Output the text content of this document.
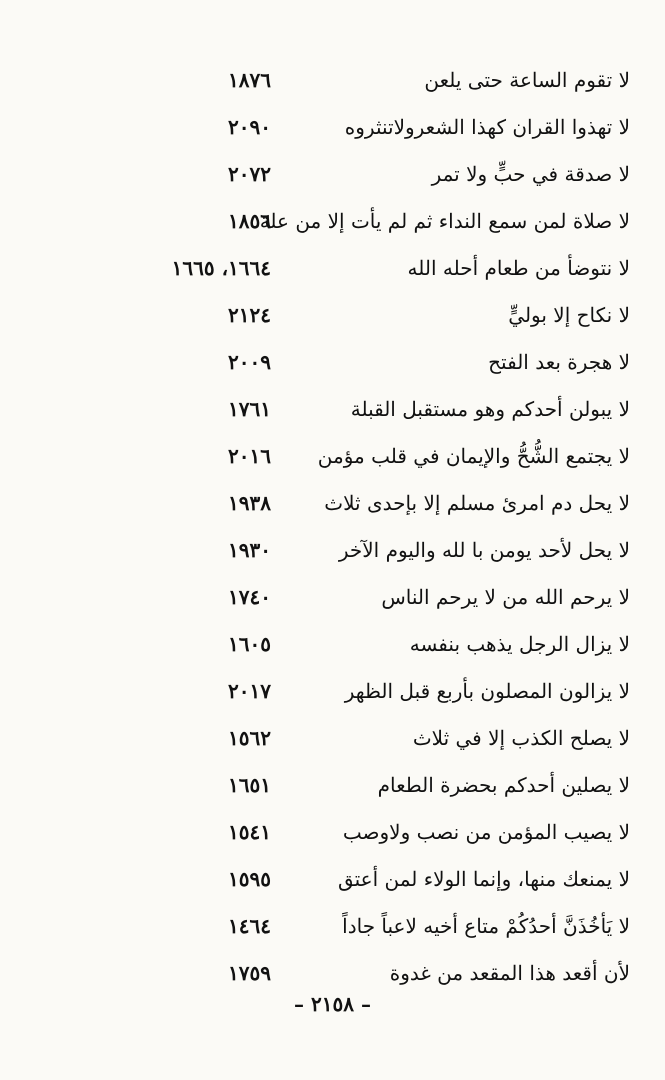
لا تقوم الساعة حتى يلعن
١٨٧٦
لا تهذوا القران كهذا الشعرولاتنثروه
٢٠٩٠
لا صدقة في حبٍّ ولا تمر
٢٠٧٢
لا صلاة لمن سمع النداء ثم لم يأت إلا من علة
١٨٥٦
لا نتوضأ من طعام أحله الله
١٦٦٤، ١٦٦٥
لا نكاح إلا بوليٍّ
٢١٢٤
لا هجرة بعد الفتح
٢٠٠٩
لا يبولن أحدكم وهو مستقبل القبلة
١٧٦١
لا يجتمع الشُّحُّ والإيمان في قلب مؤمن
٢٠١٦
لا يحل دم امرئ مسلم إلا بإحدى ثلاث
١٩٣٨
لا يحل لأحد يومن با لله واليوم الآخر
١٩٣٠
لا يرحم الله من لا يرحم الناس
١٧٤٠
لا يزال الرجل يذهب بنفسه
١٦٠٥
لا يزالون المصلون بأربع قبل الظهر
٢٠١٧
لا يصلح الكذب إلا في ثلاث
١٥٦٢
لا يصلين أحدكم بحضرة الطعام
١٦٥١
لا يصيب المؤمن من نصب ولاوصب
١٥٤١
لا يمنعك منها، وإنما الولاء لمن أعتق
١٥٩٥
لا يَأخُذَنَّ أحدُكُمْ متاع أخيه لاعباً جاداً
١٤٦٤
لأن أقعد هذا المقعد من غدوة
١٧٥٩
– ٢١٥٨ –
